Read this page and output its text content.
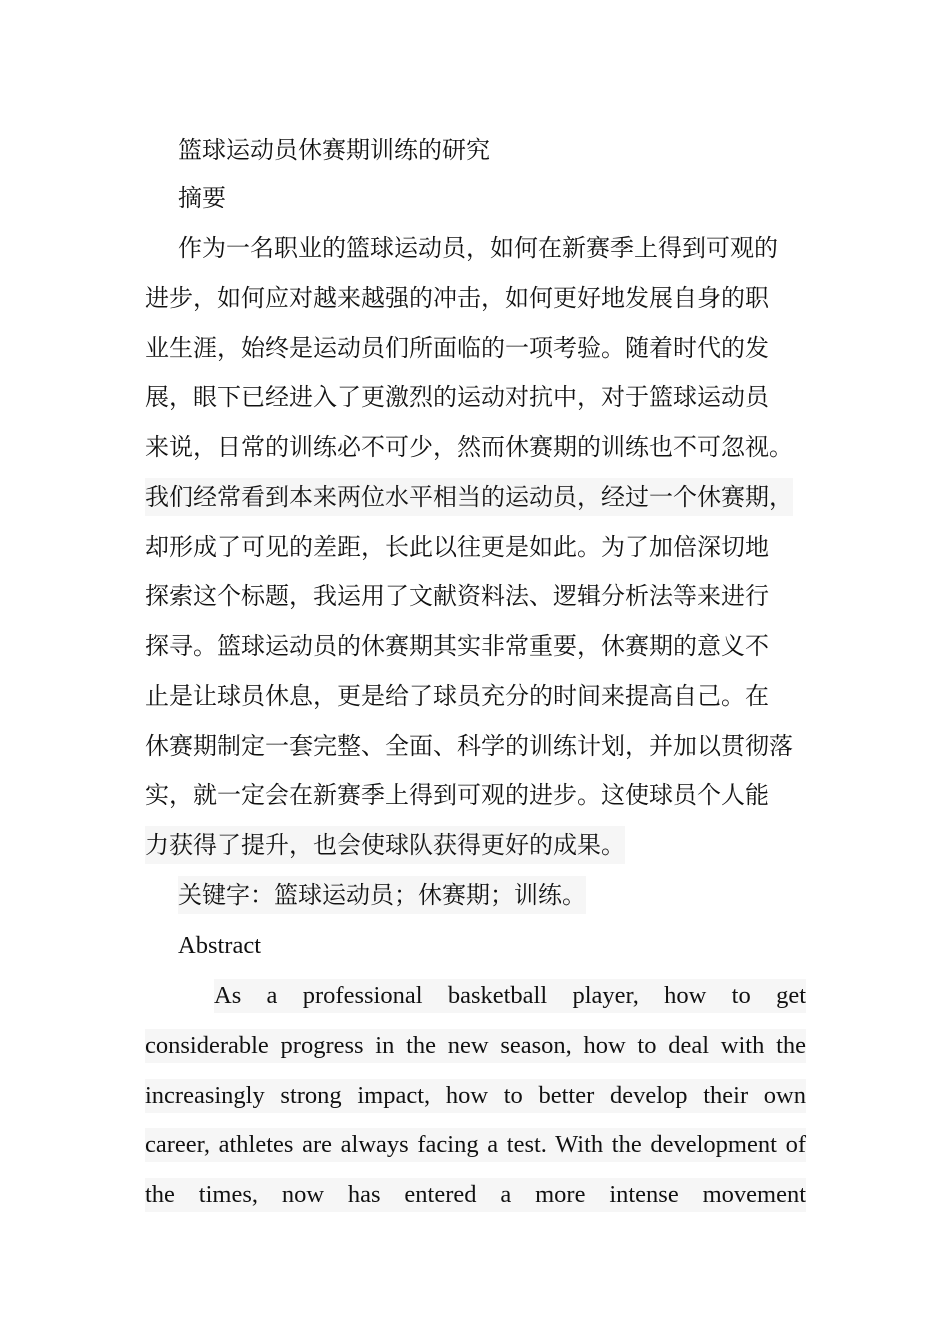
篮球运动员休赛期训练的研究
摘要
作为一名职业的篮球运动员，如何在新赛季上得到可观的
进步，如何应对越来越强的冲击，如何更好地发展自身的职
业生涯，始终是运动员们所面临的一项考验。随着时代的发
展，眼下已经进入了更激烈的运动对抗中，对于篮球运动员
来说，日常的训练必不可少，然而休赛期的训练也不可忽视。
我们经常看到本来两位水平相当的运动员，经过一个休赛期，
却形成了可见的差距，长此以往更是如此。为了加倍深切地
探索这个标题，我运用了文献资料法、逻辑分析法等来进行
探寻。篮球运动员的休赛期其实非常重要，休赛期的意义不
止是让球员休息，更是给了球员充分的时间来提高自己。在
休赛期制定一套完整、全面、科学的训练计划，并加以贯彻落
实，就一定会在新赛季上得到可观的进步。这使球员个人能
力获得了提升，也会使球队获得更好的成果。
关键字：篮球运动员；休赛期；训练。
Abstract
As a professional basketball player, how to get
considerable progress in the new season, how to deal with the
increasingly strong impact, how to better develop their own
career, athletes are always facing a test. With the development of
the times, now has entered a more intense movement
